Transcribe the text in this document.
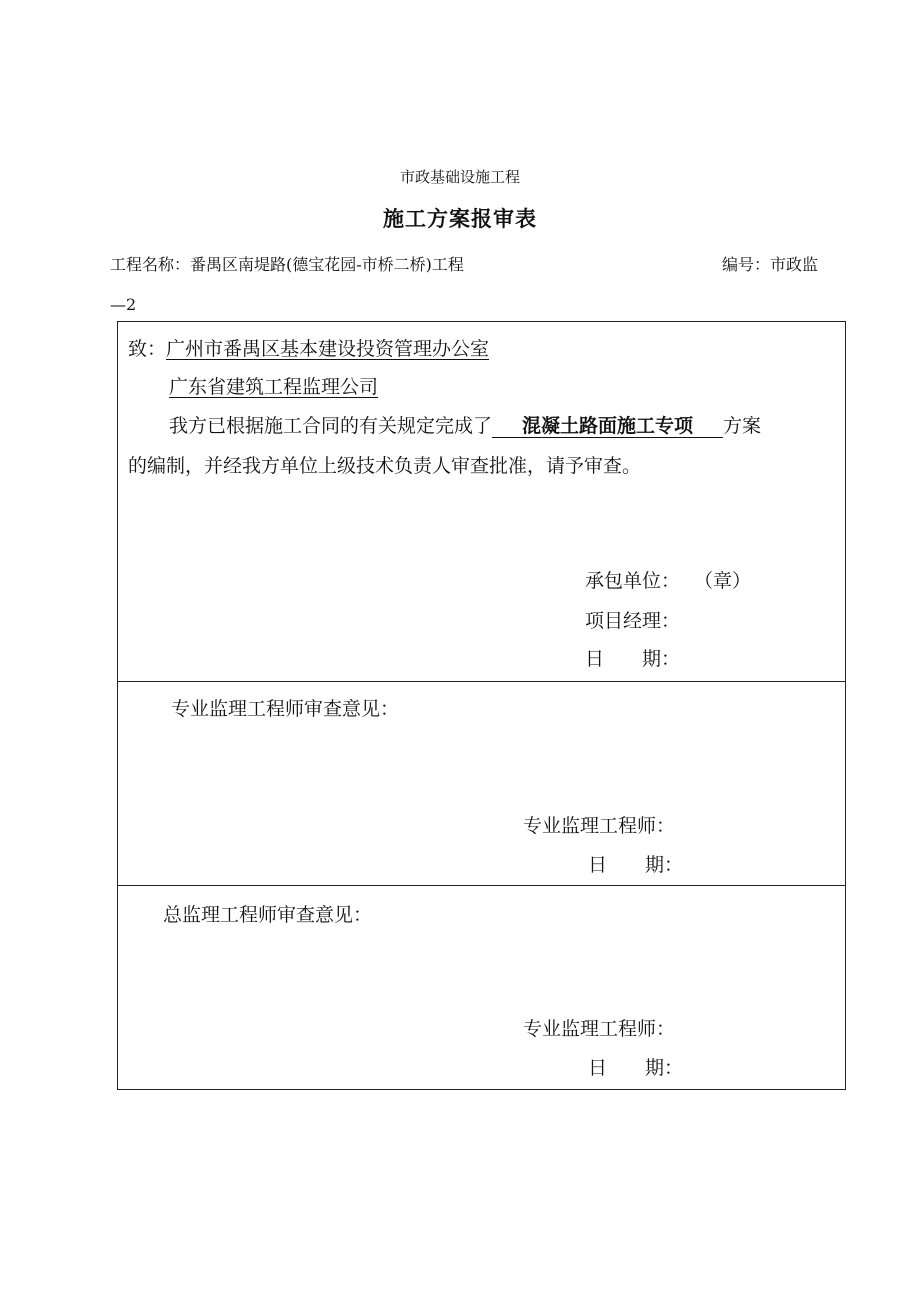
市政基础设施工程
施工方案报审表
工程名称：番禺区南堤路(德宝花园-市桥二桥)工程	编号：市政监
—2
致：广州市番禺区基本建设投资管理办公室
广东省建筑工程监理公司
我方已根据施工合同的有关规定完成了 混凝土路面施工专项 方案
的编制，并经我方单位上级技术负责人审查批准，请予审查。
承包单位： （章）
项目经理：
日　　期：
专业监理工程师审查意见：
专业监理工程师：
日　　期：
总监理工程师审查意见：
专业监理工程师：
日　　期：
